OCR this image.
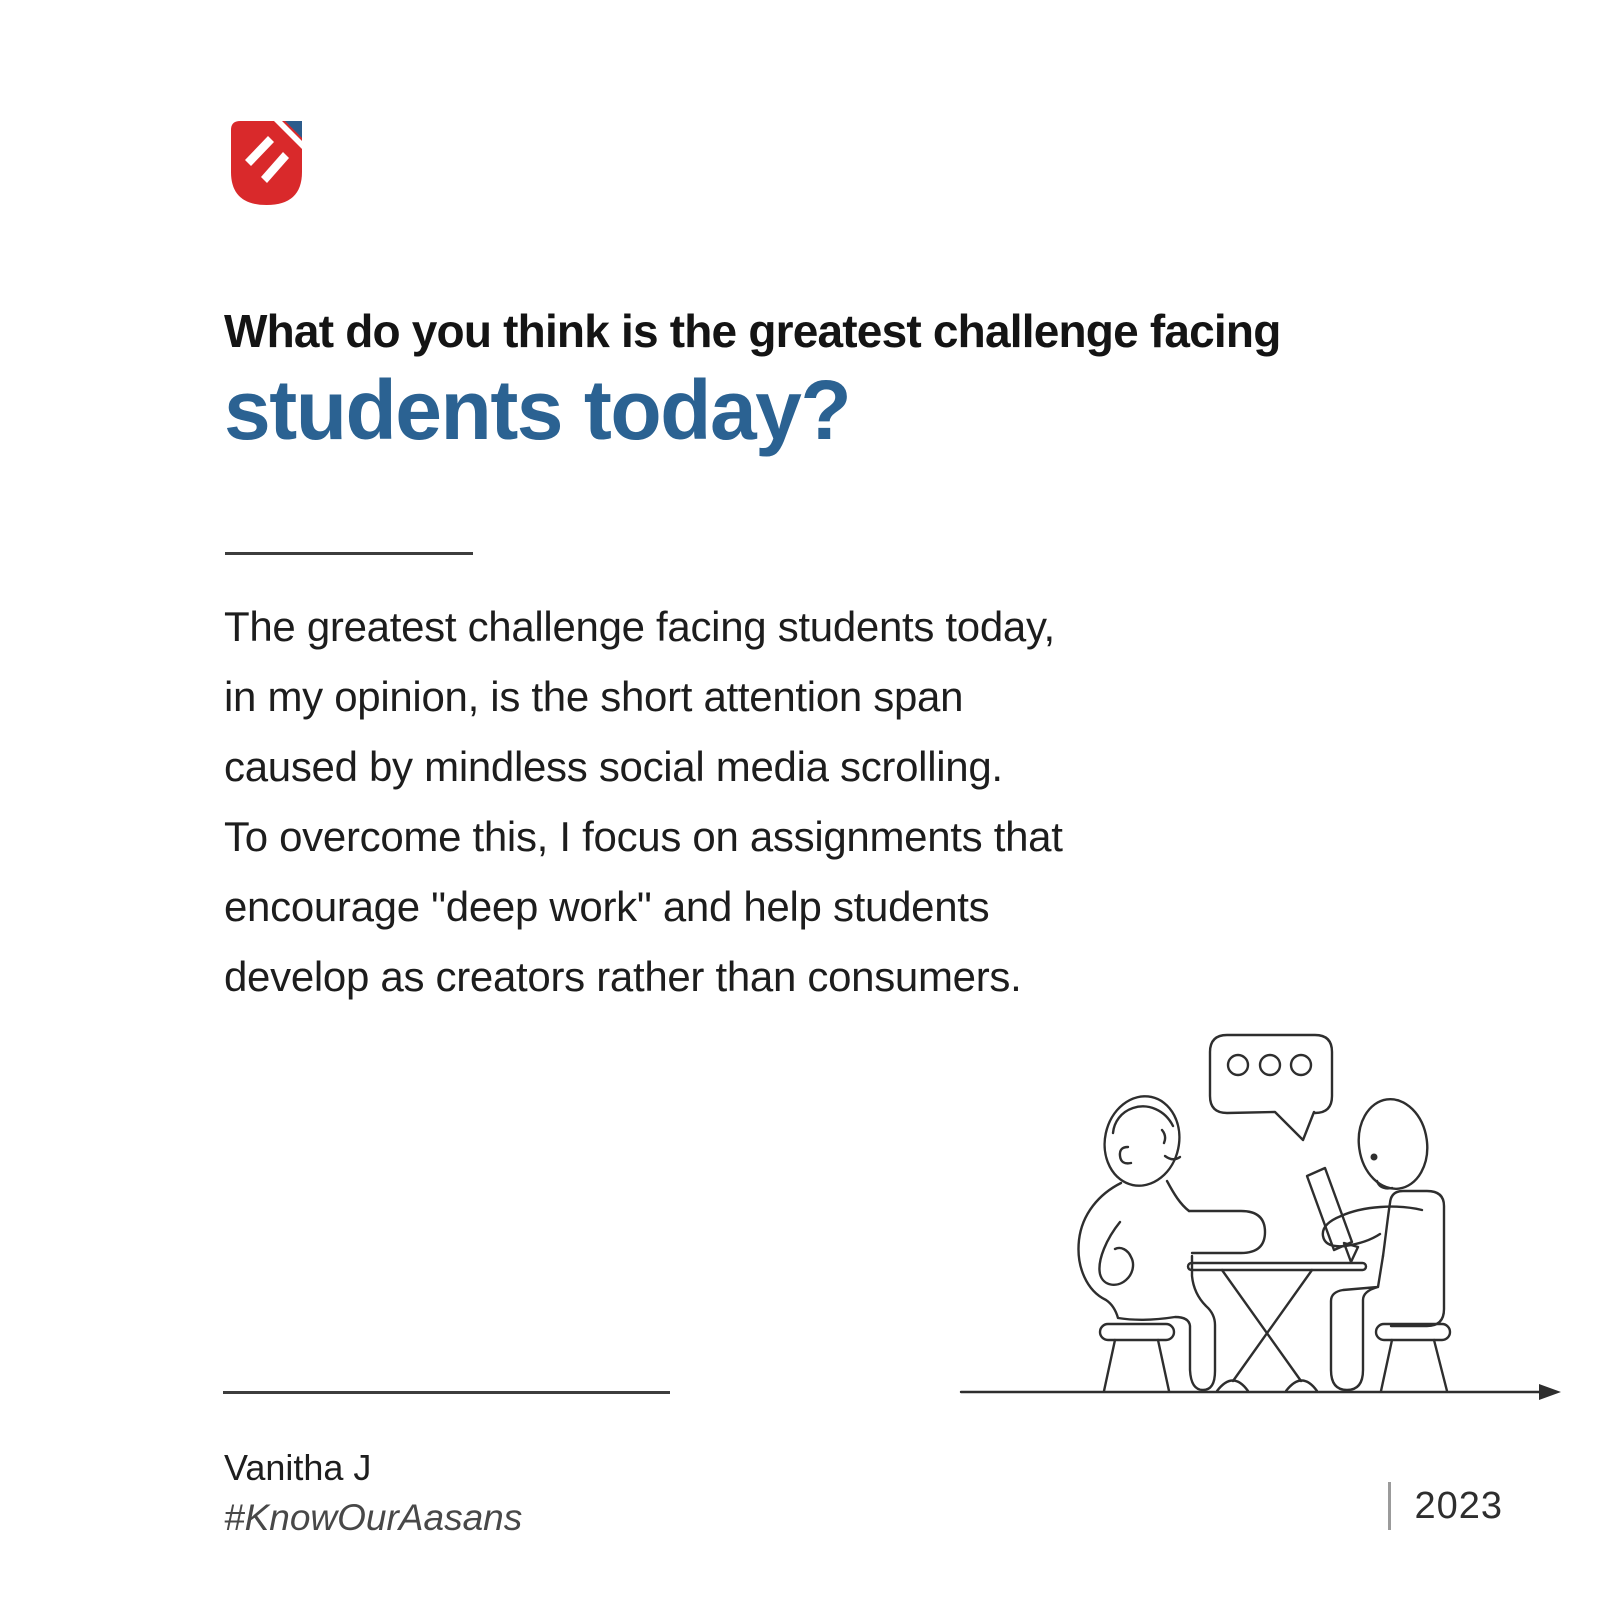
What do you think is the greatest challenge facing
students today?
The greatest challenge facing students today,
in my opinion, is the short attention span
caused by mindless social media scrolling.
To overcome this, I focus on assignments that
encourage "deep work" and help students
develop as creators rather than consumers.
Vanitha J
#KnowOurAasans	2023
